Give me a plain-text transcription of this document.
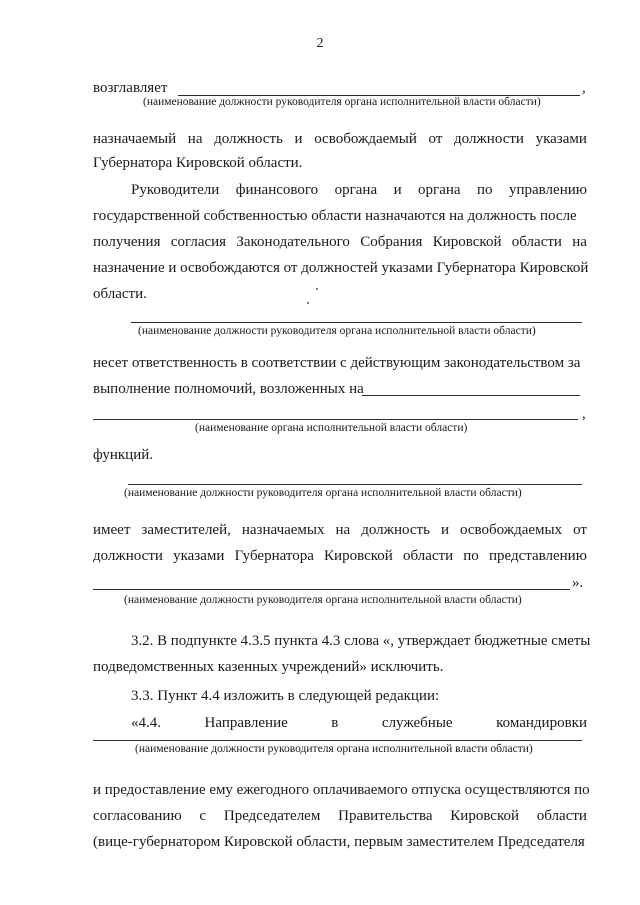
2
возглавляет	,
(наименование должности руководителя органа исполнительной власти области)
назначаемый на должность и освобождаемый от должности указами
Губернатора Кировской области.
Руководители финансового органа и органа по управлению
государственной собственностью области назначаются на должность после
получения согласия Законодательного Собрания Кировской области на
назначение и освобождаются от должностей указами Губернатора Кировской
области.
(наименование должности руководителя органа исполнительной власти области)
несет ответственность в соответствии с действующим законодательством за
выполнение полномочий, возложенных на
,
(наименование органа исполнительной власти области)
функций.
(наименование должности руководителя органа исполнительной власти области)
имеет заместителей, назначаемых на должность и освобождаемых от
должности указами Губернатора Кировской области по представлению
».
(наименование должности руководителя органа исполнительной власти области)
3.2. В подпункте 4.3.5 пункта 4.3 слова «, утверждает бюджетные сметы
подведомственных казенных учреждений» исключить.
3.3. Пункт 4.4 изложить в следующей редакции:
«4.4.	Направление	в	служебные	командировки
(наименование должности руководителя органа исполнительной власти области)
и предоставление ему ежегодного оплачиваемого отпуска осуществляются по
согласованию с Председателем Правительства Кировской области
(вице-губернатором Кировской области, первым заместителем Председателя
